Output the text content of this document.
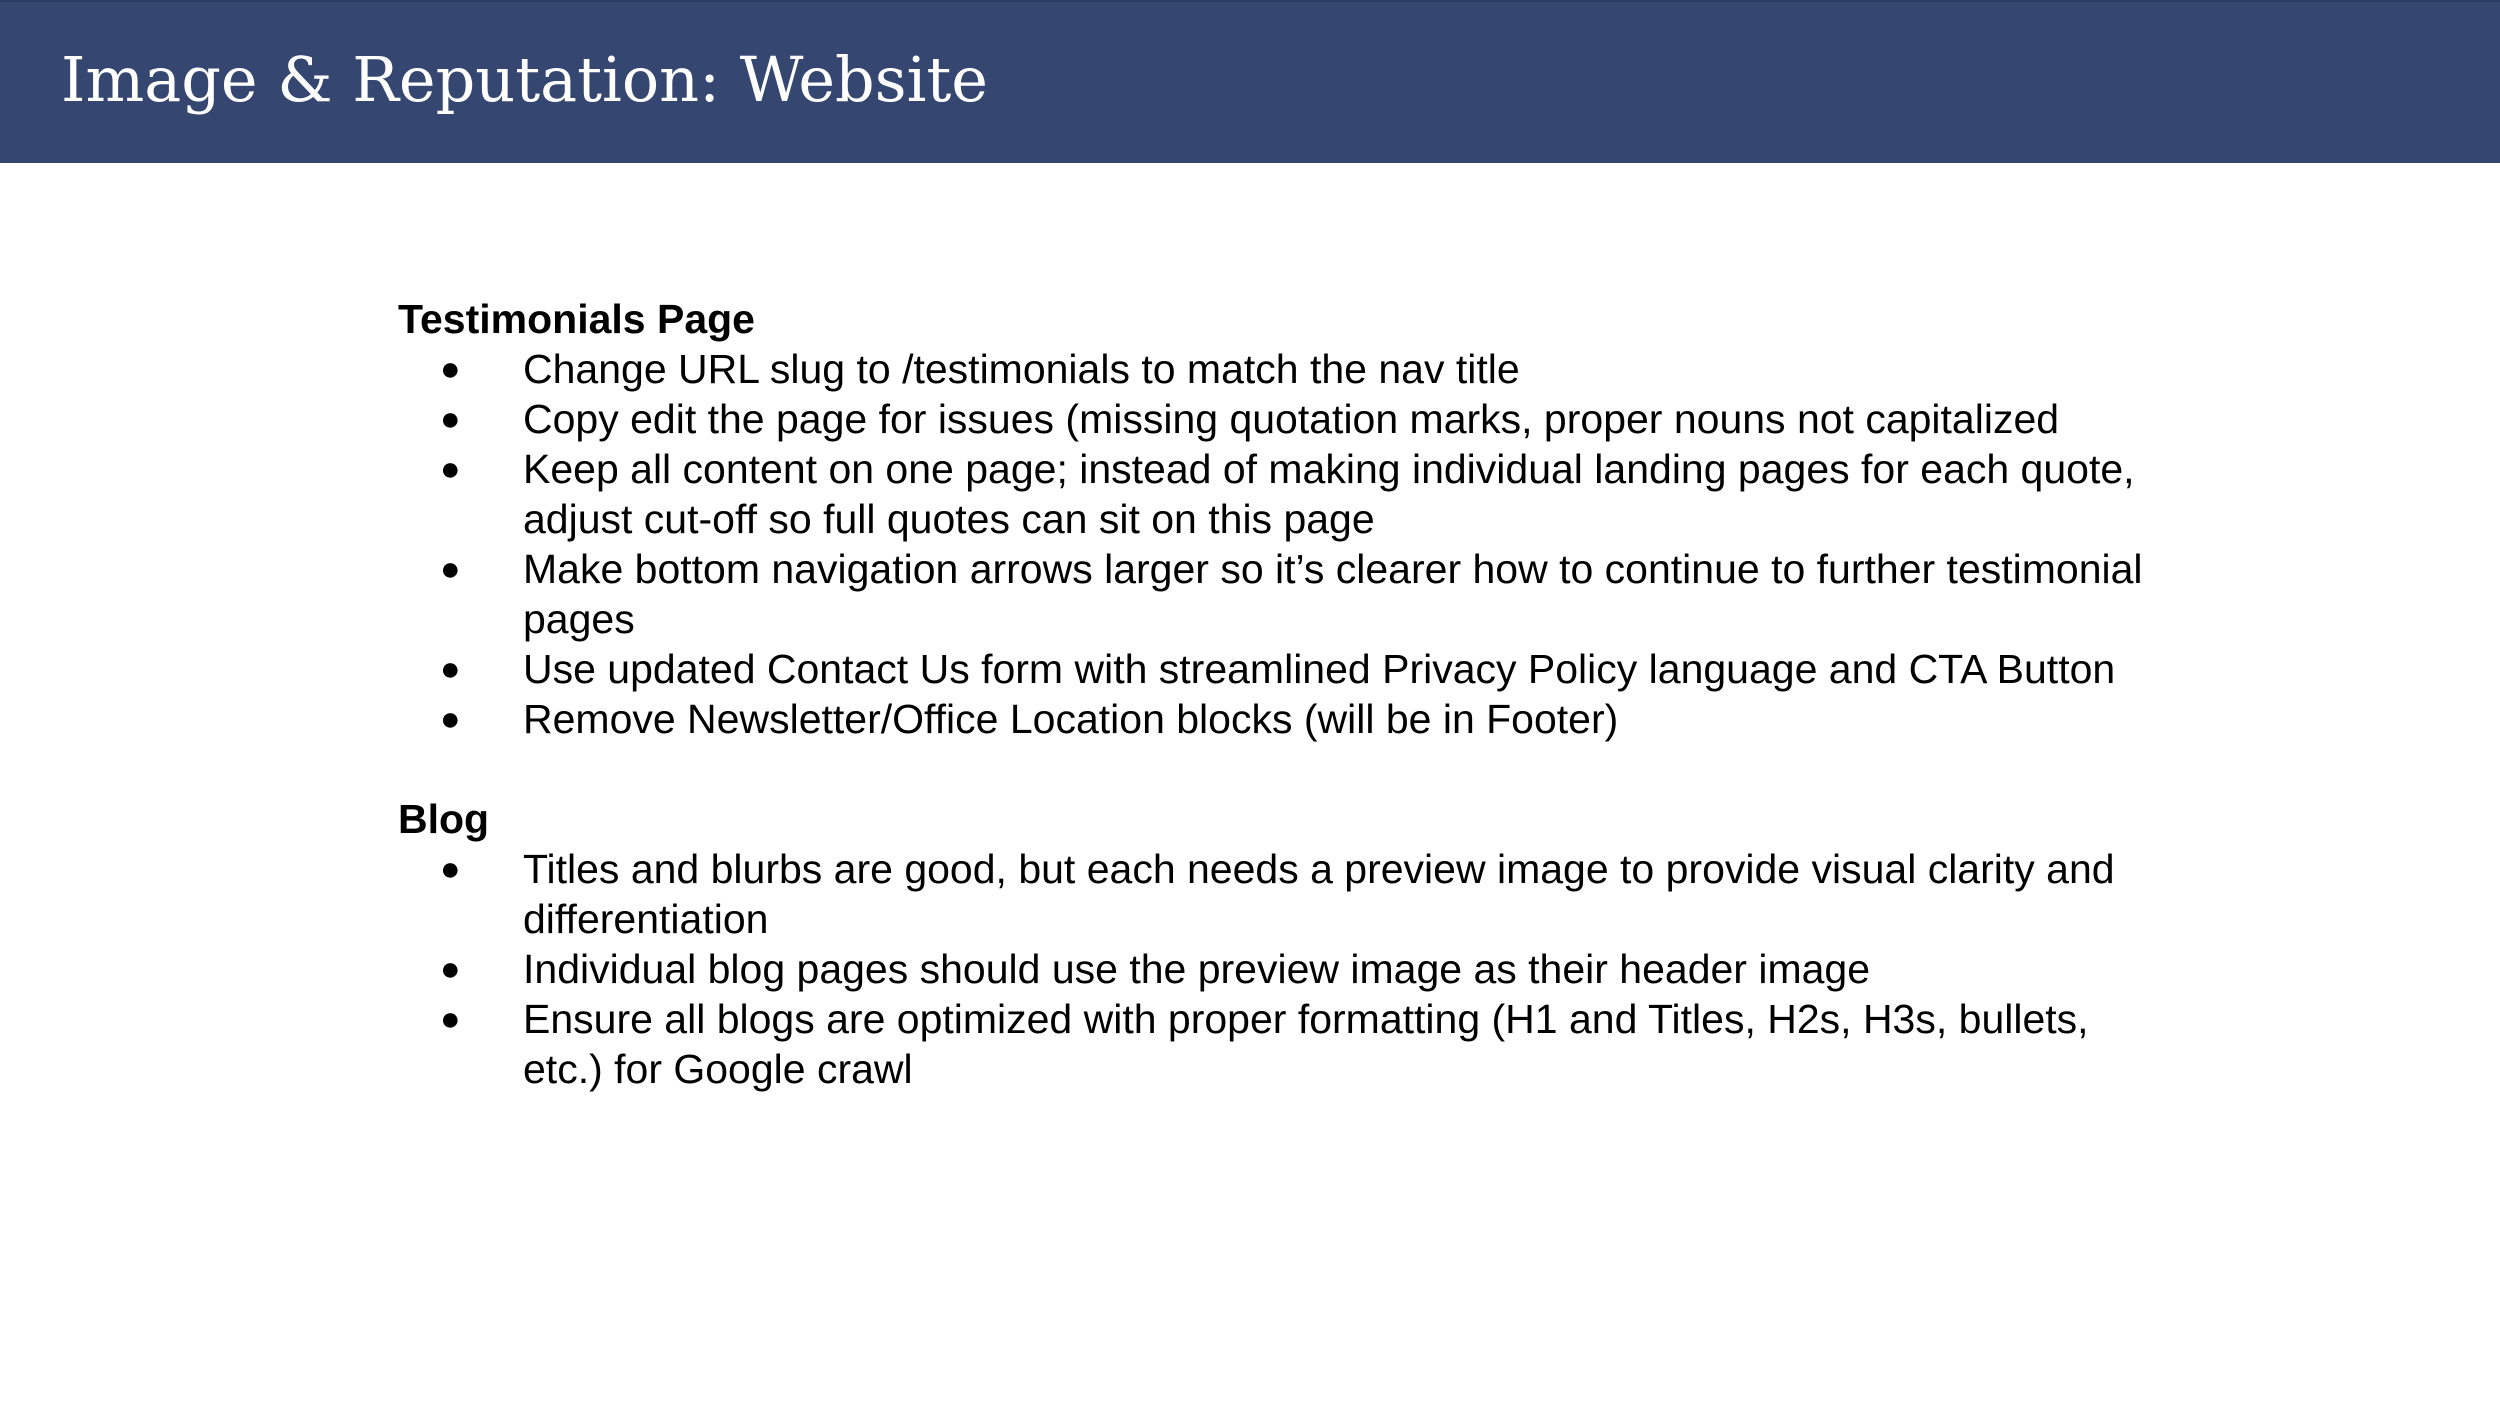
Image & Reputation: Website

Testimonials Page

● Change URL slug to /testimonials to match the nav title
● Copy edit the page for issues (missing quotation marks, proper nouns not capitalized
● Keep all content on one page; instead of making individual landing pages for each quote, adjust cut-off so full quotes can sit on this page
● Make bottom navigation arrows larger so it’s clearer how to continue to further testimonial pages
● Use updated Contact Us form with streamlined Privacy Policy language and CTA Button
● Remove Newsletter/Office Location blocks (will be in Footer)

Blog

● Titles and blurbs are good, but each needs a preview image to provide visual clarity and differentiation
● Individual blog pages should use the preview image as their header image
● Ensure all blogs are optimized with proper formatting (H1 and Titles, H2s, H3s, bullets, etc.) for Google crawl
